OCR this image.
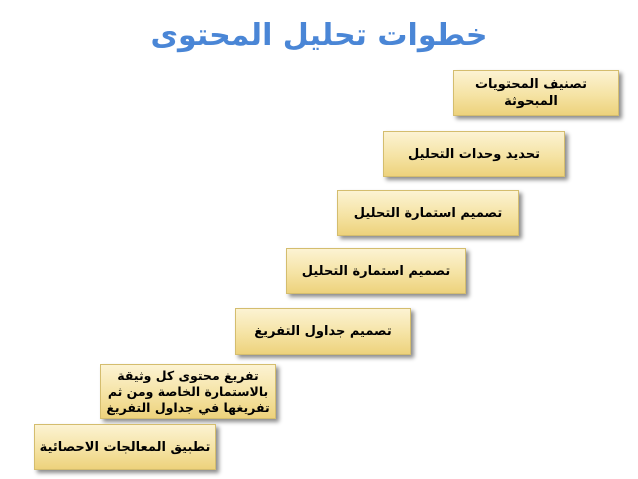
خطوات تحليل المحتوى
تصنيف المحتويات المبحوثة
تحديد وحدات التحليل
تصميم استمارة التحليل
تصميم استمارة التحليل
تصميم جداول التفريغ
تفريغ محتوى كل وثيقة
بالاستمارة الخاصة ومن ثم
تفريغها في جداول التفريغ
تطبيق المعالجات الاحصائية
